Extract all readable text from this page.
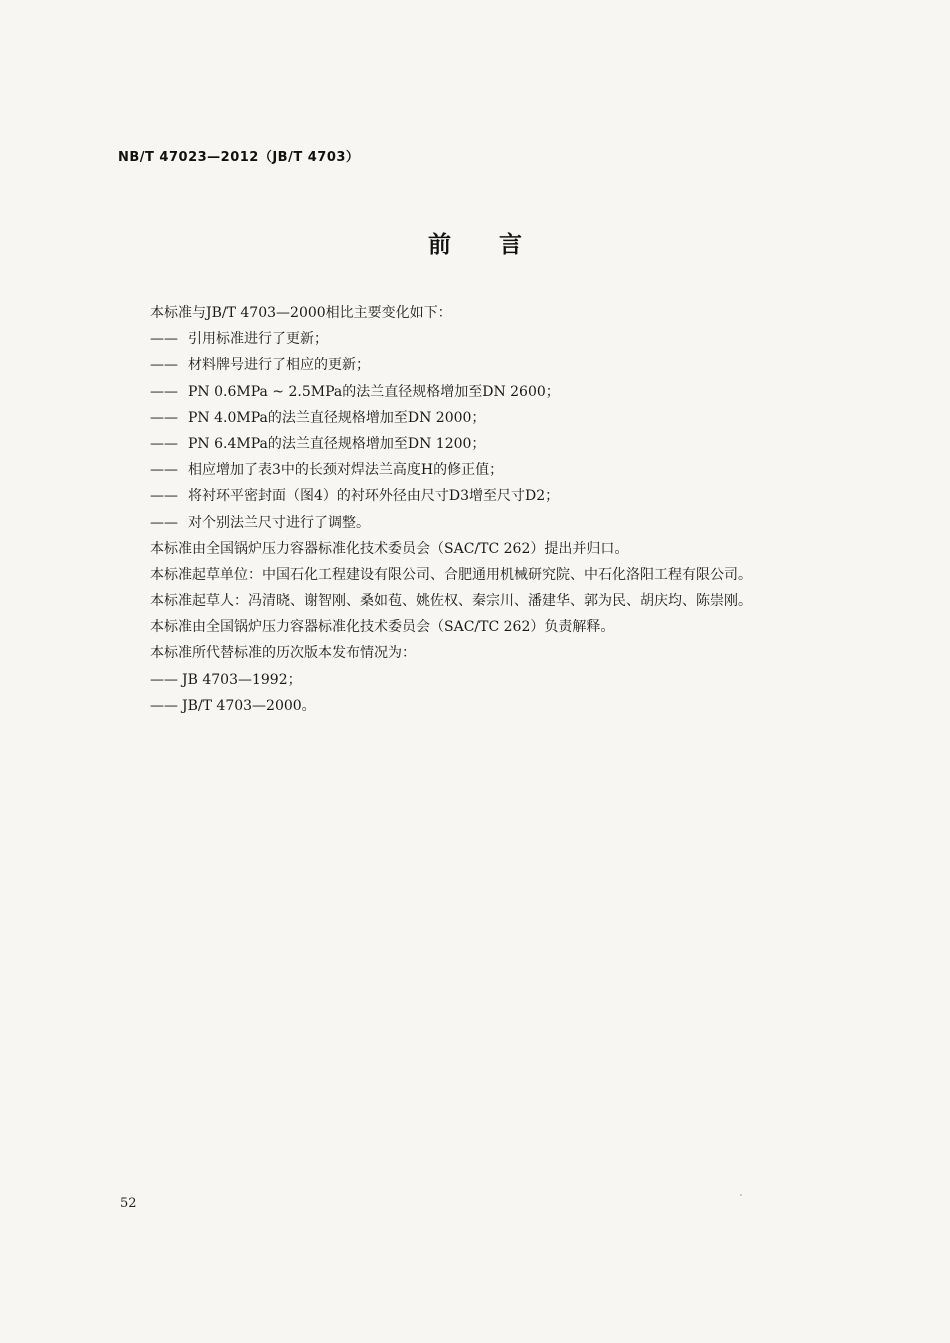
NB/T 47023—2012（JB/T 4703）
前言
本标准与JB/T 4703—2000相比主要变化如下：
—— 引用标准进行了更新；
—— 材料牌号进行了相应的更新；
—— PN 0.6MPa ~ 2.5MPa的法兰直径规格增加至DN 2600；
—— PN 4.0MPa的法兰直径规格增加至DN 2000；
—— PN 6.4MPa的法兰直径规格增加至DN 1200；
—— 相应增加了表3中的长颈对焊法兰高度H的修正值；
—— 将衬环平密封面（图4）的衬环外径由尺寸D3增至尺寸D2；
—— 对个别法兰尺寸进行了调整。
本标准由全国锅炉压力容器标准化技术委员会（SAC/TC 262）提出并归口。
本标准起草单位：中国石化工程建设有限公司、合肥通用机械研究院、中石化洛阳工程有限公司。
本标准起草人：冯清晓、谢智刚、桑如苞、姚佐权、秦宗川、潘建华、郭为民、胡庆均、陈崇刚。
本标准由全国锅炉压力容器标准化技术委员会（SAC/TC 262）负责解释。
本标准所代替标准的历次版本发布情况为：
—— JB 4703—1992；
—— JB/T 4703—2000。
52
